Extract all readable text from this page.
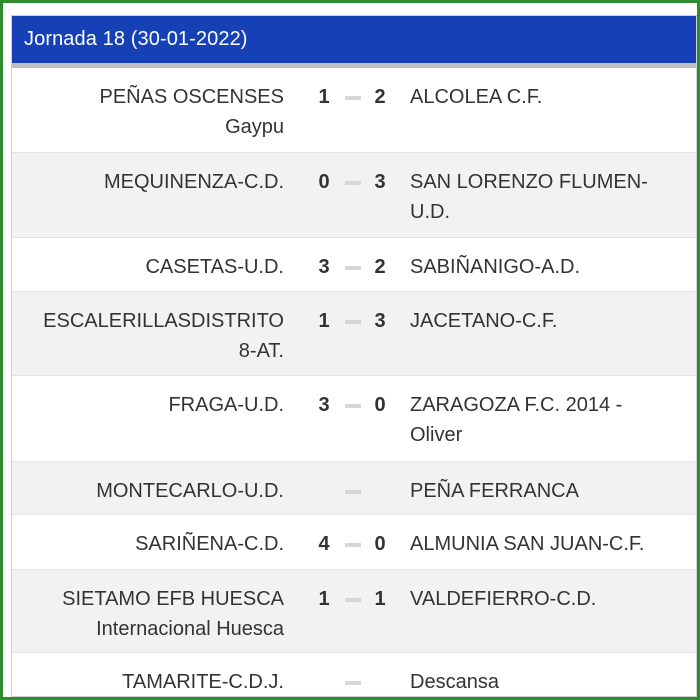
Jornada 18 (30-01-2022)
PEÑAS OSCENSES
Gaypu
1	2	ALCOLEA C.F.
MEQUINENZA-C.D.	0	3	SAN LORENZO FLUMEN-
U.D.
CASETAS-U.D.	3	2	SABIÑANIGO-A.D.
ESCALERILLASDISTRITO
8-AT.
1	3	JACETANO-C.F.
FRAGA-U.D.	3	0	ZARAGOZA F.C. 2014 -
Oliver
MONTECARLO-U.D.	PEÑA FERRANCA
SARIÑENA-C.D.	4	0	ALMUNIA SAN JUAN-C.F.
SIETAMO EFB HUESCA
Internacional Huesca
1	1	VALDEFIERRO-C.D.
TAMARITE-C.D.J.	Descansa
